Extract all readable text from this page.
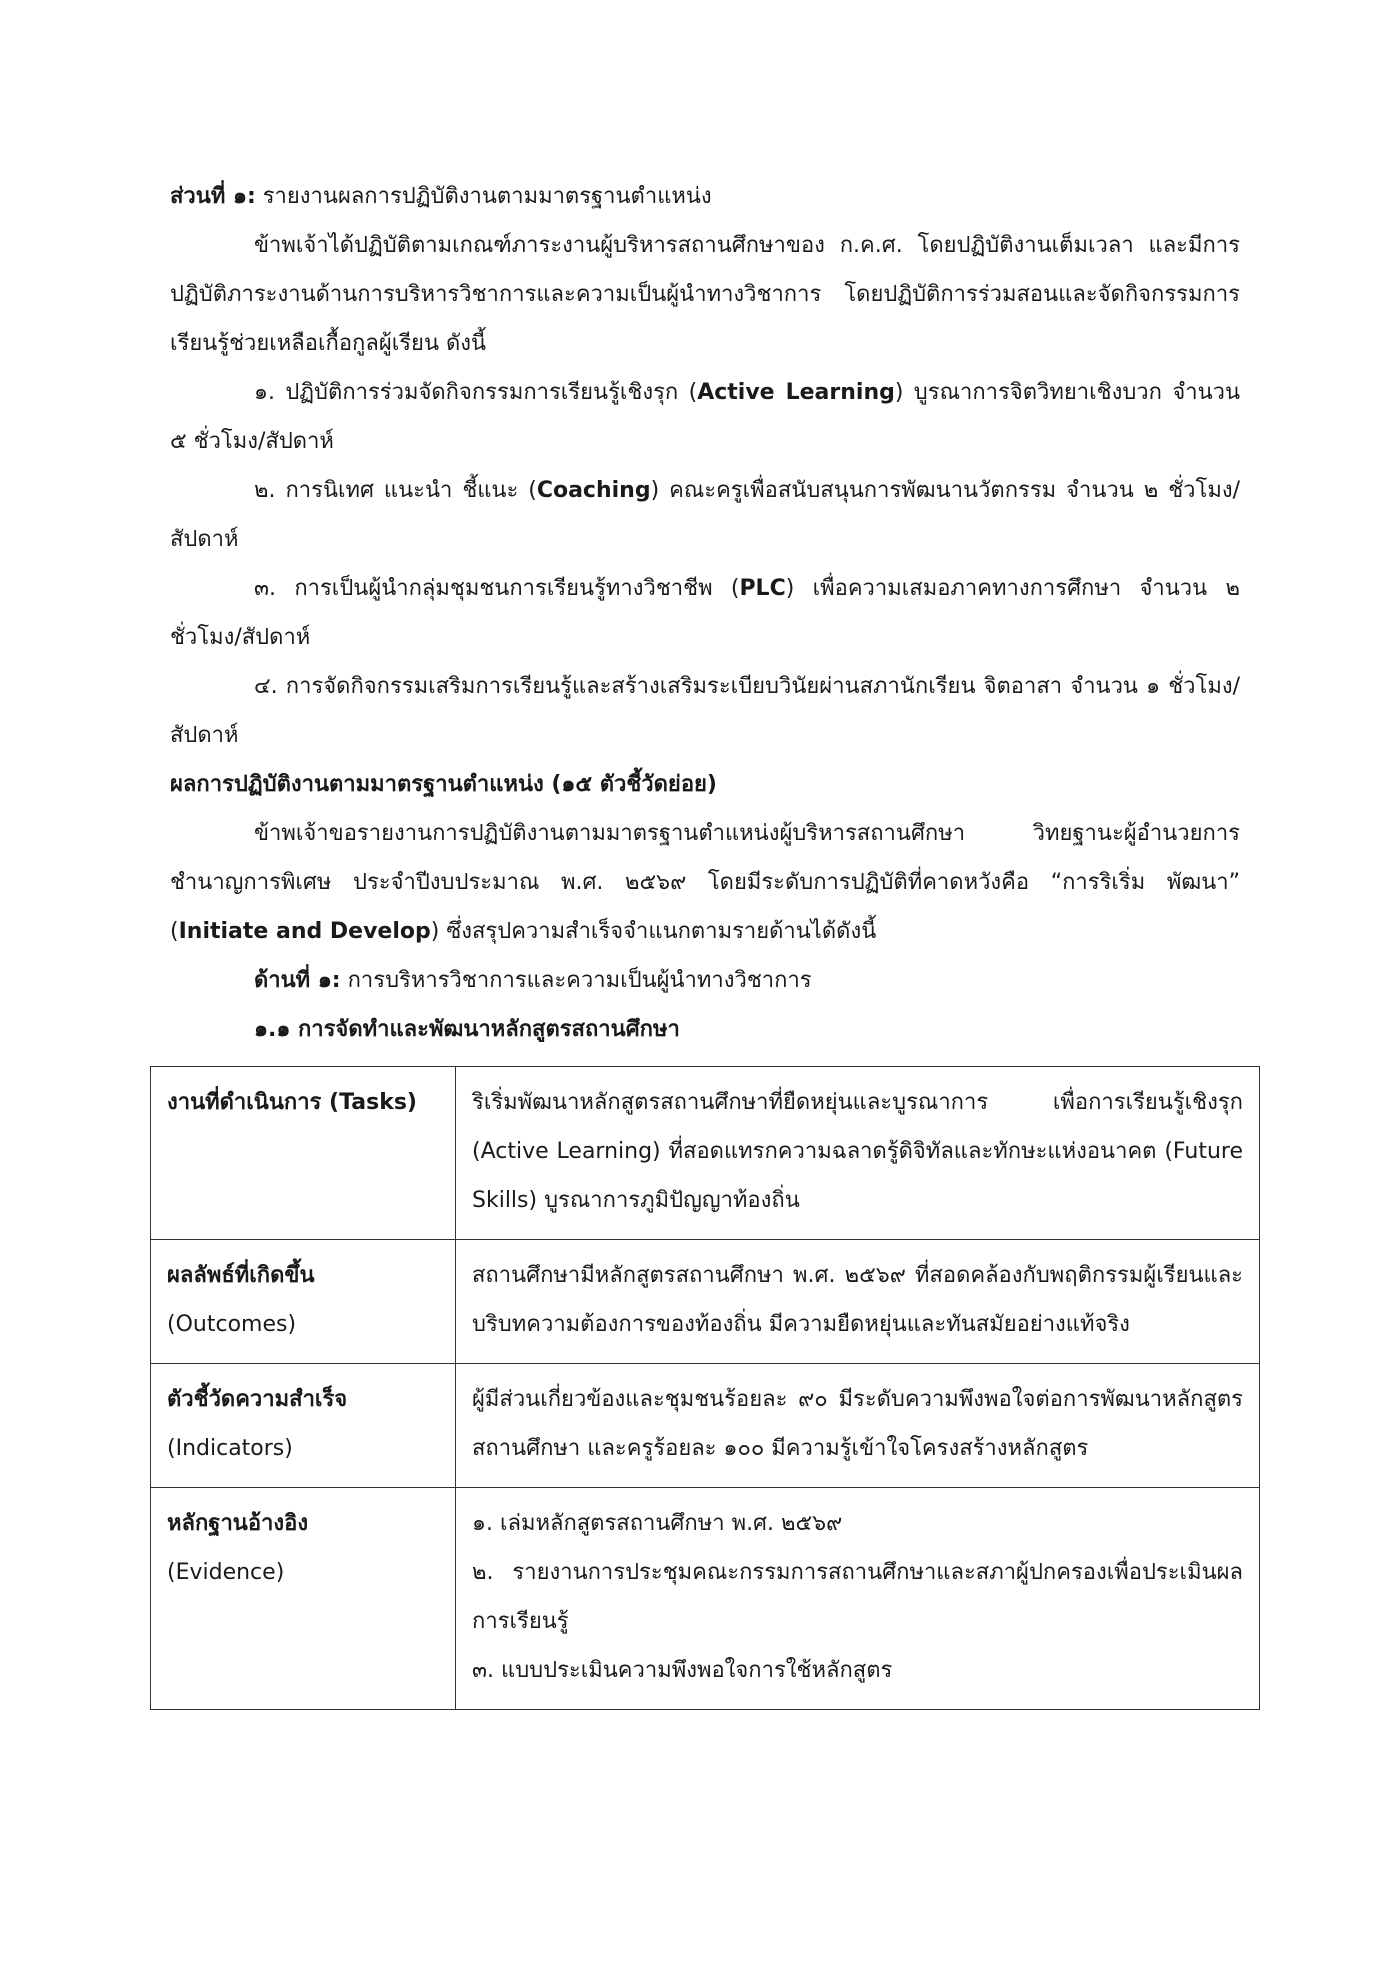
ส่วนที่ ๑: รายงานผลการปฏิบัติงานตามมาตรฐานตำแหน่ง

ข้าพเจ้าได้ปฏิบัติตามเกณฑ์ภาระงานผู้บริหารสถานศึกษาของ ก.ค.ศ. โดยปฏิบัติงานเต็มเวลา และมีการปฏิบัติภาระงานด้านการบริหารวิชาการและความเป็นผู้นำทางวิชาการ โดยปฏิบัติการร่วมสอนและจัดกิจกรรมการเรียนรู้ช่วยเหลือเกื้อกูลผู้เรียน ดังนี้

๑. ปฏิบัติการร่วมจัดกิจกรรมการเรียนรู้เชิงรุก (Active Learning) บูรณาการจิตวิทยาเชิงบวก จำนวน ๕ ชั่วโมง/สัปดาห์

๒. การนิเทศ แนะนำ ชี้แนะ (Coaching) คณะครูเพื่อสนับสนุนการพัฒนานวัตกรรม จำนวน ๒ ชั่วโมง/สัปดาห์

๓. การเป็นผู้นำกลุ่มชุมชนการเรียนรู้ทางวิชาชีพ (PLC) เพื่อความเสมอภาคทางการศึกษา จำนวน ๒ ชั่วโมง/สัปดาห์

๔. การจัดกิจกรรมเสริมการเรียนรู้และสร้างเสริมระเบียบวินัยผ่านสภานักเรียน จิตอาสา จำนวน ๑ ชั่วโมง/สัปดาห์

ผลการปฏิบัติงานตามมาตรฐานตำแหน่ง (๑๕ ตัวชี้วัดย่อย)

ข้าพเจ้าขอรายงานการปฏิบัติงานตามมาตรฐานตำแหน่งผู้บริหารสถานศึกษา วิทยฐานะผู้อำนวยการชำนาญการพิเศษ ประจำปีงบประมาณ พ.ศ. ๒๕๖๙ โดยมีระดับการปฏิบัติที่คาดหวังคือ “การริเริ่ม พัฒนา” (Initiate and Develop) ซึ่งสรุปความสำเร็จจำแนกตามรายด้านได้ดังนี้

ด้านที่ ๑: การบริหารวิชาการและความเป็นผู้นำทางวิชาการ

๑.๑ การจัดทำและพัฒนาหลักสูตรสถานศึกษา

งานที่ดำเนินการ (Tasks)	ริเริ่มพัฒนาหลักสูตรสถานศึกษาที่ยืดหยุ่นและบูรณาการ เพื่อการเรียนรู้เชิงรุก (Active Learning) ที่สอดแทรกความฉลาดรู้ดิจิทัลและทักษะแห่งอนาคต (Future Skills) บูรณาการภูมิปัญญาท้องถิ่น

ผลลัพธ์ที่เกิดขึ้น
(Outcomes)	สถานศึกษามีหลักสูตรสถานศึกษา พ.ศ. ๒๕๖๙ ที่สอดคล้องกับพฤติกรรมผู้เรียนและบริบทความต้องการของท้องถิ่น มีความยืดหยุ่นและทันสมัยอย่างแท้จริง

ตัวชี้วัดความสำเร็จ
(Indicators)	ผู้มีส่วนเกี่ยวข้องและชุมชนร้อยละ ๙๐ มีระดับความพึงพอใจต่อการพัฒนาหลักสูตรสถานศึกษา และครูร้อยละ ๑๐๐ มีความรู้เข้าใจโครงสร้างหลักสูตร

หลักฐานอ้างอิง
(Evidence)	๑. เล่มหลักสูตรสถานศึกษา พ.ศ. ๒๕๖๙
๒. รายงานการประชุมคณะกรรมการสถานศึกษาและสภาผู้ปกครองเพื่อประเมินผลการเรียนรู้
๓. แบบประเมินความพึงพอใจการใช้หลักสูตร
